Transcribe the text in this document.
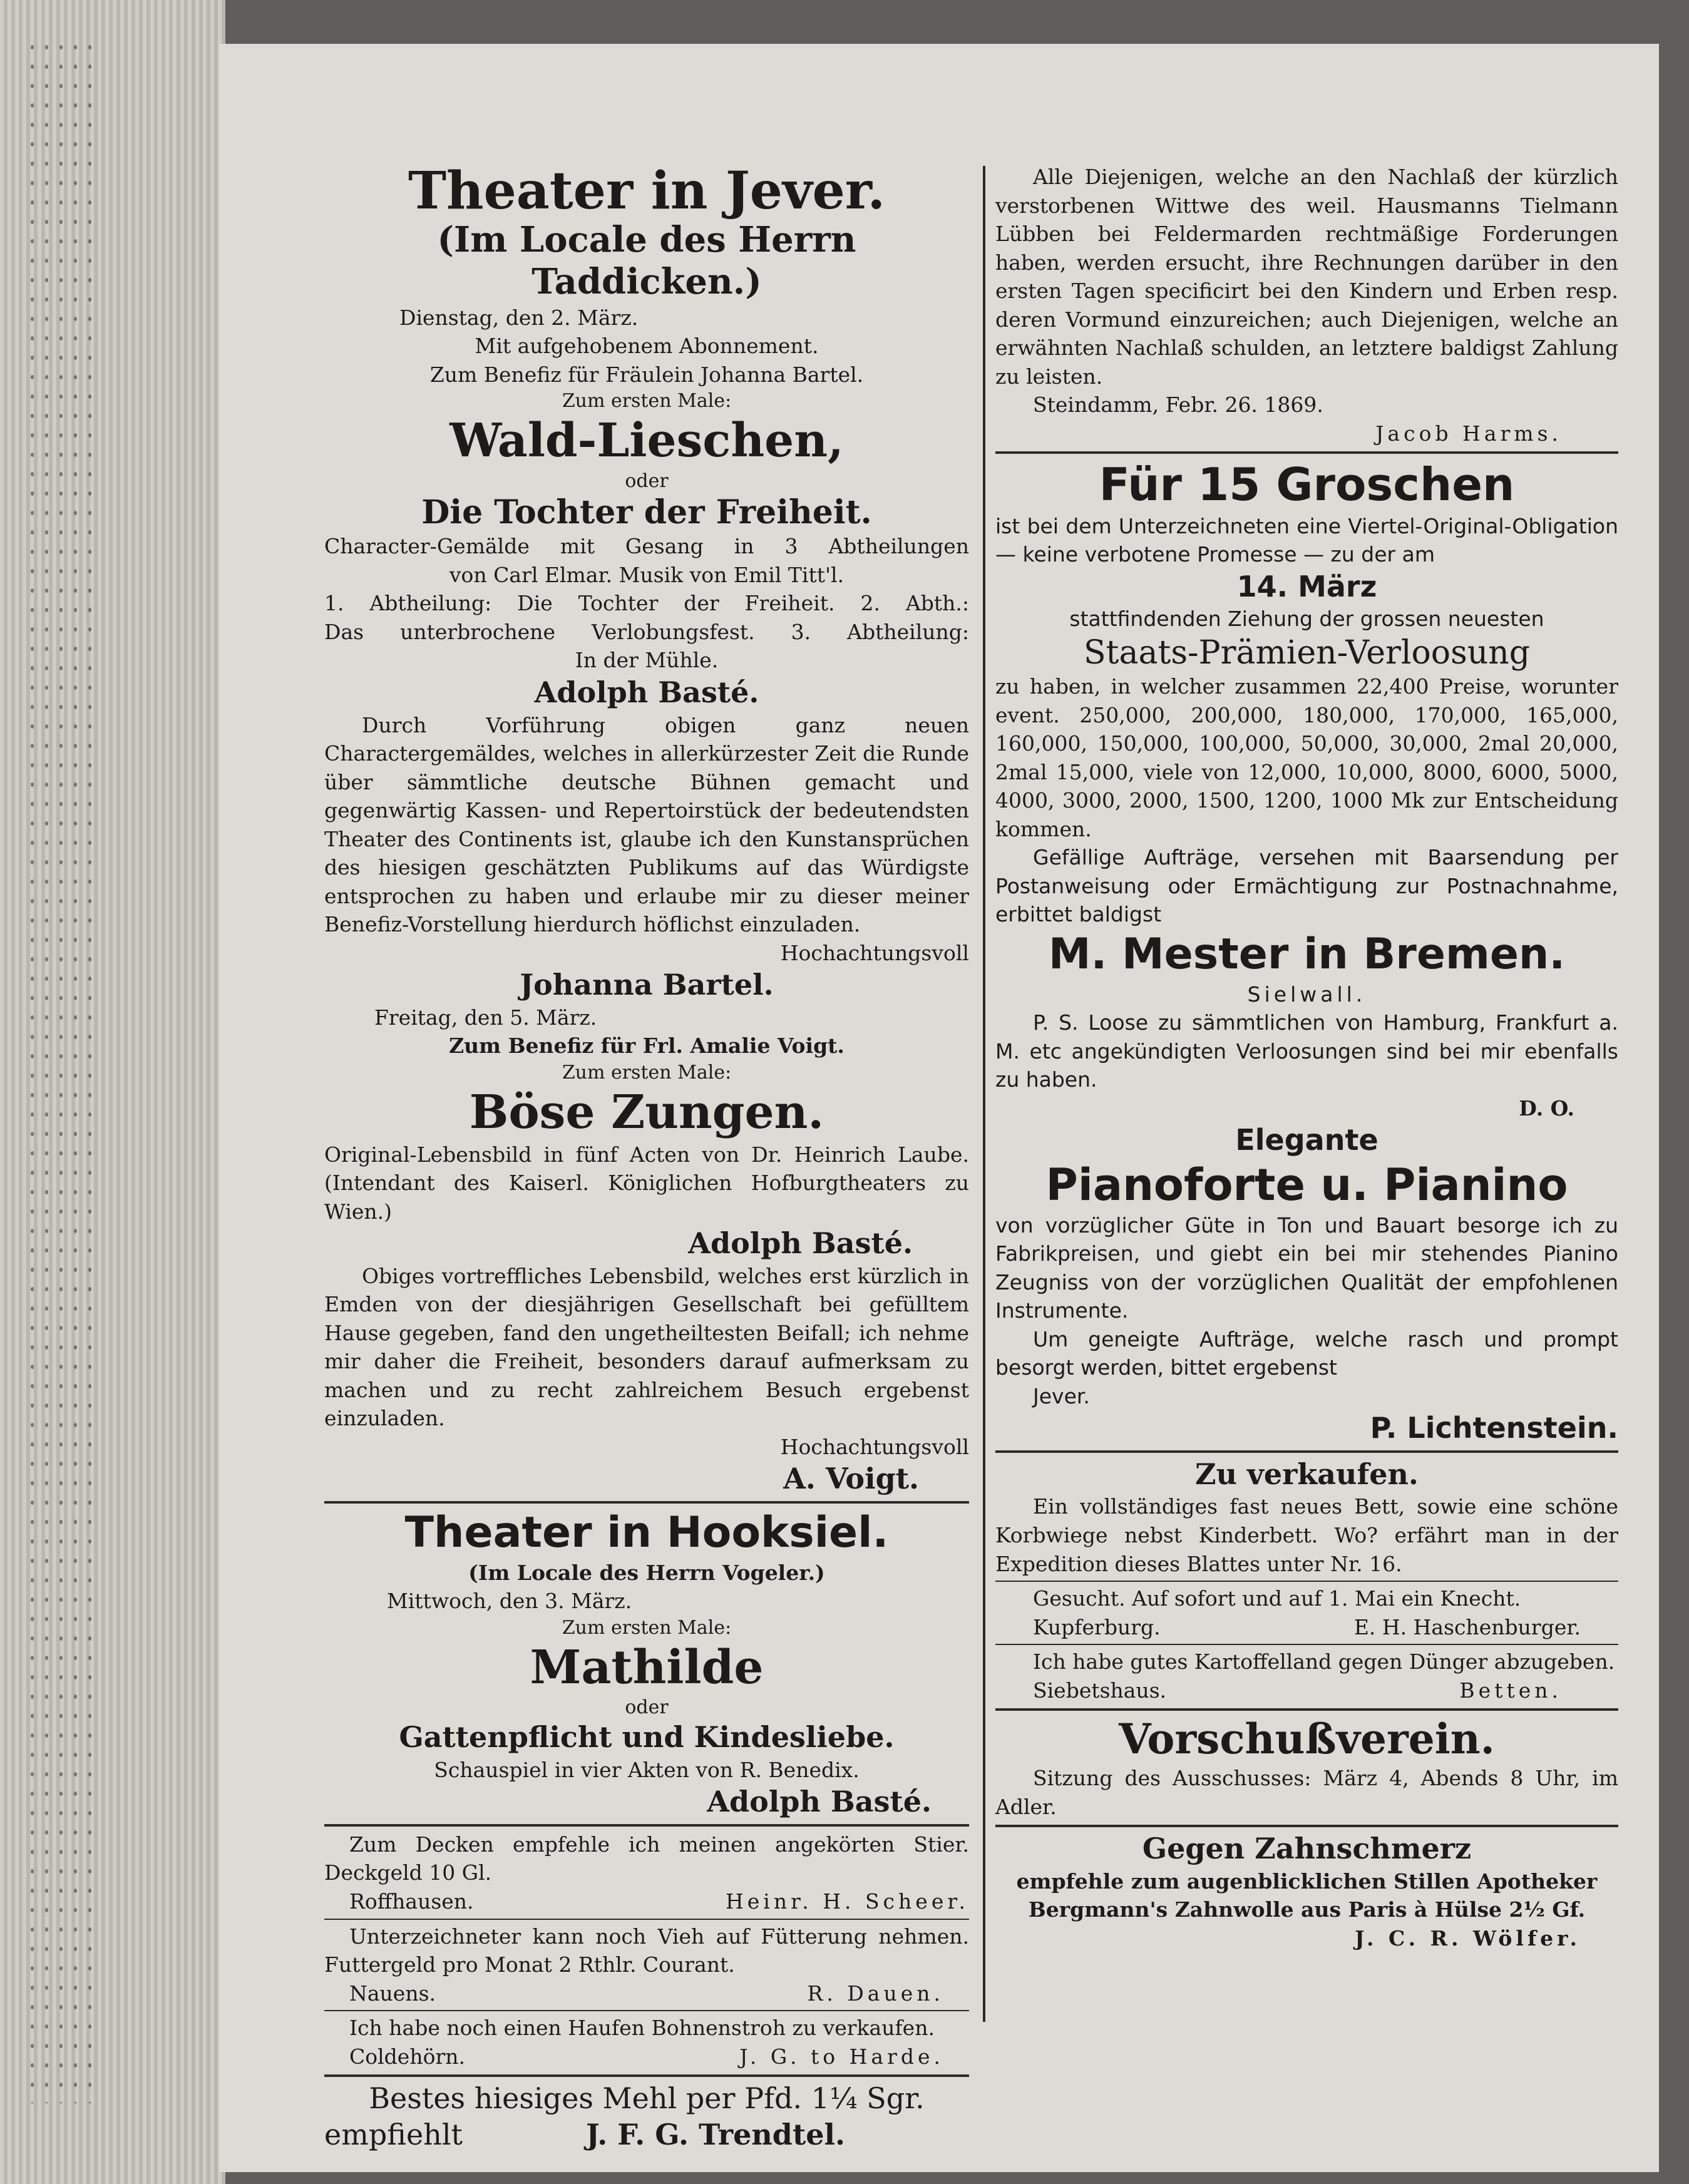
Theater in Jever.
(Im Locale des Herrn Taddicken.)
Dienstag, den 2. März.
Mit aufgehobenem Abonnement.
Zum Benefiz für Fräulein Johanna Bartel.
Zum ersten Male:
Wald-Lieschen,
oder
Die Tochter der Freiheit.
Character-Gemälde mit Gesang in 3 Abtheilungen
von Carl Elmar. Musik von Emil Titt'l.
1. Abtheilung: Die Tochter der Freiheit. 2. Abth.:
Das unterbrochene Verlobungsfest. 3. Abtheilung:
In der Mühle.
Adolph Basté.
Durch Vorführung obigen ganz neuen Charactergemäldes, welches in allerkürzester Zeit die Runde über sämmtliche deutsche Bühnen gemacht und gegenwärtig Kassen- und Repertoirstück der bedeutendsten Theater des Continents ist, glaube ich den Kunstansprüchen des hiesigen geschätzten Publikums auf das Würdigste entsprochen zu haben und erlaube mir zu dieser meiner Benefiz-Vorstellung hierdurch höflichst einzuladen.
Hochachtungsvoll
Johanna Bartel.
Freitag, den 5. März.
Zum Benefiz für Frl. Amalie Voigt.
Zum ersten Male:
Böse Zungen.
Original-Lebensbild in fünf Acten von Dr. Heinrich Laube. (Intendant des Kaiserl. Königlichen Hofburgtheaters zu Wien.)
Adolph Basté.
Obiges vortreffliches Lebensbild, welches erst kürzlich in Emden von der diesjährigen Gesellschaft bei gefülltem Hause gegeben, fand den ungetheiltesten Beifall; ich nehme mir daher die Freiheit, besonders darauf aufmerksam zu machen und zu recht zahlreichem Besuch ergebenst einzuladen.
Hochachtungsvoll
A. Voigt.
Theater in Hooksiel.
(Im Locale des Herrn Vogeler.)
Mittwoch, den 3. März.
Zum ersten Male:
Mathilde
oder
Gattenpflicht und Kindesliebe.
Schauspiel in vier Akten von R. Benedix.
Adolph Basté.
Zum Decken empfehle ich meinen angekörten Stier. Deckgeld 10 Gl.
Roffhausen.	Heinr. H. Scheer.
Unterzeichneter kann noch Vieh auf Fütterung nehmen. Futtergeld pro Monat 2 Rthlr. Courant.
Nauens.	R. Dauen.
Ich habe noch einen Haufen Bohnenstroh zu verkaufen.
Coldehörn.	J. G. to Harde.
Bestes hiesiges Mehl per Pfd. 1¼ Sgr.
empfiehlt	J. F. G. Trendtel.
Alle Diejenigen, welche an den Nachlaß der kürzlich verstorbenen Wittwe des weil. Hausmanns Tielmann Lübben bei Feldermarden rechtmäßige Forderungen haben, werden ersucht, ihre Rechnungen darüber in den ersten Tagen specificirt bei den Kindern und Erben resp. deren Vormund einzureichen; auch Diejenigen, welche an erwähnten Nachlaß schulden, an letztere baldigst Zahlung zu leisten.
Steindamm, Febr. 26. 1869.
Jacob Harms.
Für 15 Groschen
ist bei dem Unterzeichneten eine Viertel-Original-Obligation — keine verbotene Promesse — zu der am
14. März
stattfindenden Ziehung der grossen neuesten
Staats-Prämien-Verloosung
zu haben, in welcher zusammen 22,400 Preise, worunter event. 250,000, 200,000, 180,000, 170,000, 165,000, 160,000, 150,000, 100,000, 50,000, 30,000, 2mal 20,000, 2mal 15,000, viele von 12,000, 10,000, 8000, 6000, 5000, 4000, 3000, 2000, 1500, 1200, 1000 Mk zur Entscheidung kommen.
Gefällige Aufträge, versehen mit Baarsendung per Postanweisung oder Ermächtigung zur Postnachnahme, erbittet baldigst
M. Mester in Bremen.
Sielwall.
P. S. Loose zu sämmtlichen von Hamburg, Frankfurt a. M. etc angekündigten Verloosungen sind bei mir ebenfalls zu haben.
D. O.
Elegante
Pianoforte u. Pianino
von vorzüglicher Güte in Ton und Bauart besorge ich zu Fabrikpreisen, und giebt ein bei mir stehendes Pianino Zeugniss von der vorzüglichen Qualität der empfohlenen Instrumente.
Um geneigte Aufträge, welche rasch und prompt besorgt werden, bittet ergebenst
Jever.
P. Lichtenstein.
Zu verkaufen.
Ein vollständiges fast neues Bett, sowie eine schöne Korbwiege nebst Kinderbett. Wo? erfährt man in der Expedition dieses Blattes unter Nr. 16.
Gesucht. Auf sofort und auf 1. Mai ein Knecht.
Kupferburg.	E. H. Haschenburger.
Ich habe gutes Kartoffelland gegen Dünger abzugeben.
Siebetshaus.	Betten.
Vorschußverein.
Sitzung des Ausschusses: März 4, Abends 8 Uhr, im Adler.
Gegen Zahnschmerz
empfehle zum augenblicklichen Stillen Apotheker Bergmann's Zahnwolle aus Paris à Hülse 2½ Gf.
J. C. R. Wölfer.
